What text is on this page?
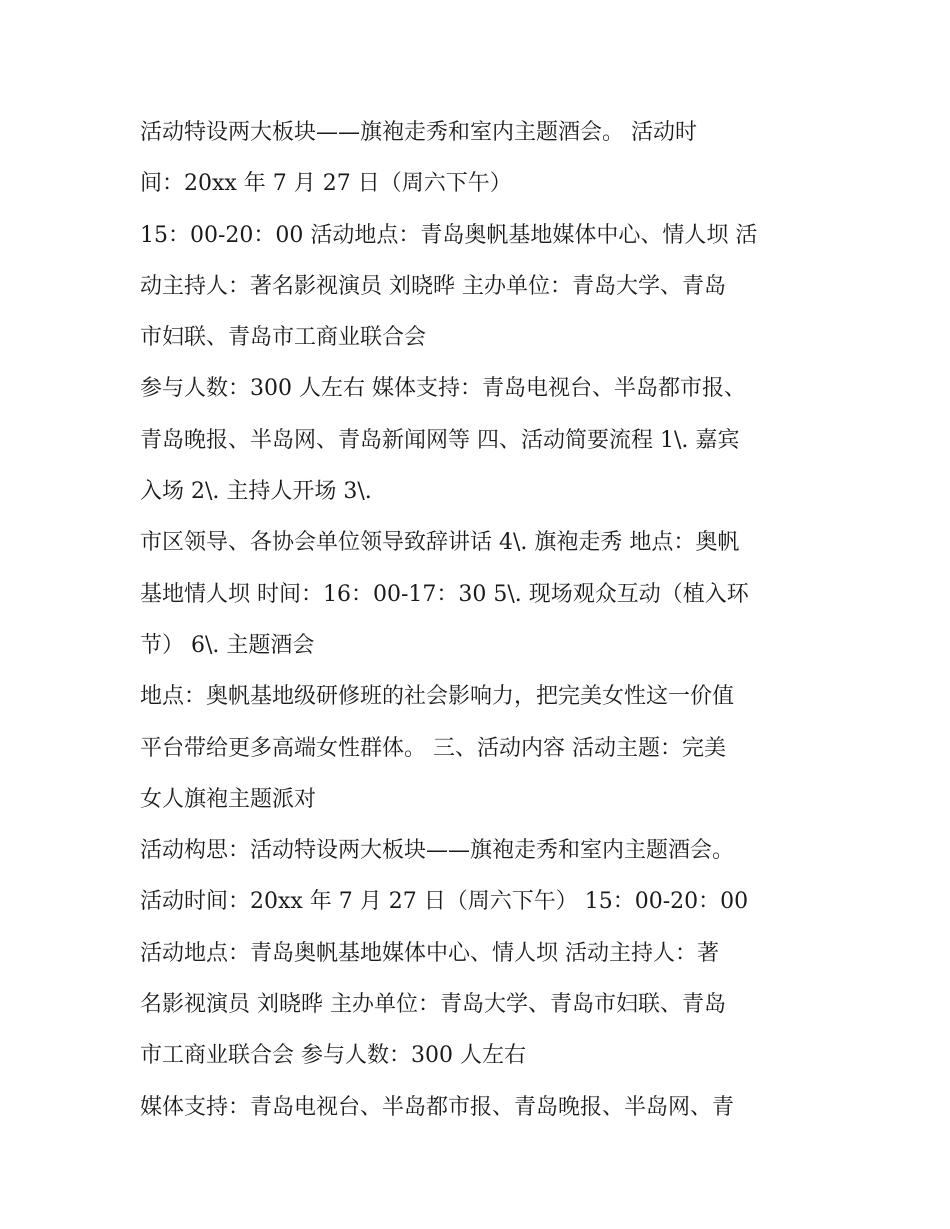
活动特设两大板块——旗袍走秀和室内主题酒会。 活动时
间：20xx 年 7 月 27 日（周六下午）
15：00-20：00 活动地点：青岛奥帆基地媒体中心、情人坝 活
动主持人：著名影视演员 刘晓晔 主办单位：青岛大学、青岛
市妇联、青岛市工商业联合会
参与人数：300 人左右 媒体支持：青岛电视台、半岛都市报、
青岛晚报、半岛网、青岛新闻网等 四、活动简要流程 1\. 嘉宾
入场 2\. 主持人开场 3\.
市区领导、各协会单位领导致辞讲话 4\. 旗袍走秀 地点：奥帆
基地情人坝 时间：16：00-17：30 5\. 现场观众互动（植入环
节） 6\. 主题酒会
地点：奥帆基地级研修班的社会影响力，把完美女性这一价值
平台带给更多高端女性群体。 三、活动内容 活动主题：完美
女人旗袍主题派对
活动构思：活动特设两大板块——旗袍走秀和室内主题酒会。
活动时间：20xx 年 7 月 27 日（周六下午） 15：00-20：00
活动地点：青岛奥帆基地媒体中心、情人坝 活动主持人：著
名影视演员 刘晓晔 主办单位：青岛大学、青岛市妇联、青岛
市工商业联合会 参与人数：300 人左右
媒体支持：青岛电视台、半岛都市报、青岛晚报、半岛网、青
